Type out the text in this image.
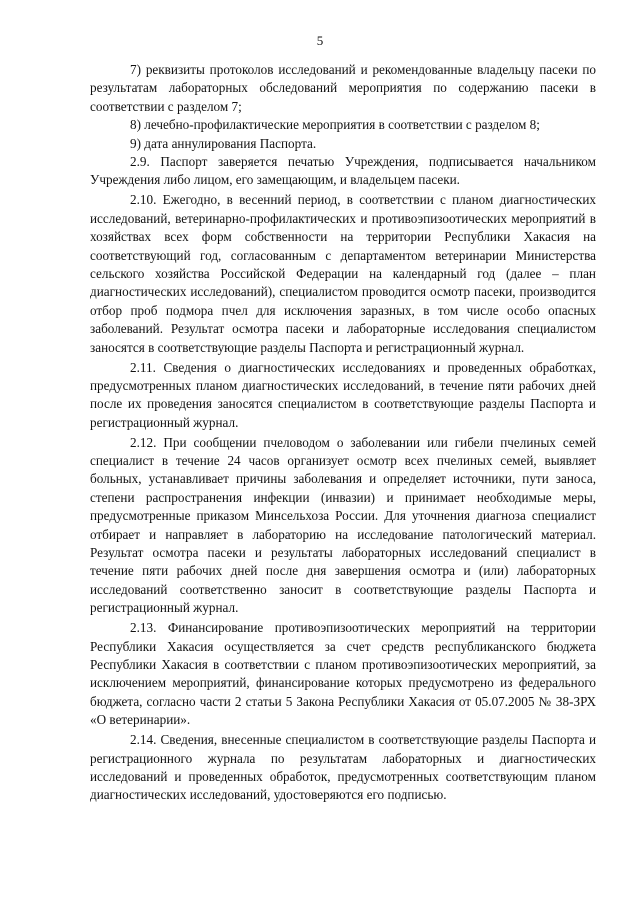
5

7) реквизиты протоколов исследований и рекомендованные владельцу пасеки по результатам лабораторных обследований мероприятия по содержанию пасеки в соответствии с разделом 7;

8) лечебно-профилактические мероприятия в соответствии с разделом 8;

9) дата аннулирования Паспорта.

2.9. Паспорт заверяется печатью Учреждения, подписывается начальником Учреждения либо лицом, его замещающим, и владельцем пасеки.

2.10. Ежегодно, в весенний период, в соответствии с планом диагностических исследований, ветеринарно-профилактических и противоэпизоотических мероприятий в хозяйствах всех форм собственности на территории Республики Хакасия на соответствующий год, согласованным с департаментом ветеринарии Министерства сельского хозяйства Российской Федерации на календарный год (далее – план диагностических исследований), специалистом проводится осмотр пасеки, производится отбор проб подмора пчел для исключения заразных, в том числе особо опасных заболеваний. Результат осмотра пасеки и лабораторные исследования специалистом заносятся в соответствующие разделы Паспорта и регистрационный журнал.

2.11. Сведения о диагностических исследованиях и проведенных обработках, предусмотренных планом диагностических исследований, в течение пяти рабочих дней после их проведения заносятся специалистом в соответствующие разделы Паспорта и регистрационный журнал.

2.12. При сообщении пчеловодом о заболевании или гибели пчелиных семей специалист в течение 24 часов организует осмотр всех пчелиных семей, выявляет больных, устанавливает причины заболевания и определяет источники, пути заноса, степени распространения инфекции (инвазии) и принимает необходимые меры, предусмотренные приказом Минсельхоза России. Для уточнения диагноза специалист отбирает и направляет в лабораторию на исследование патологический материал. Результат осмотра пасеки и результаты лабораторных исследований специалист в течение пяти рабочих дней после дня завершения осмотра и (или) лабораторных исследований соответственно заносит в соответствующие разделы Паспорта и регистрационный журнал.

2.13. Финансирование противоэпизоотических мероприятий на территории Республики Хакасия осуществляется за счет средств республиканского бюджета Республики Хакасия в соответствии с планом противоэпизоотических мероприятий, за исключением мероприятий, финансирование которых предусмотрено из федерального бюджета, согласно части 2 статьи 5 Закона Республики Хакасия от 05.07.2005 № 38-ЗРХ «О ветеринарии».

2.14. Сведения, внесенные специалистом в соответствующие разделы Паспорта и регистрационного журнала по результатам лабораторных и диагностических исследований и проведенных обработок, предусмотренных соответствующим планом диагностических исследований, удостоверяются его подписью.
